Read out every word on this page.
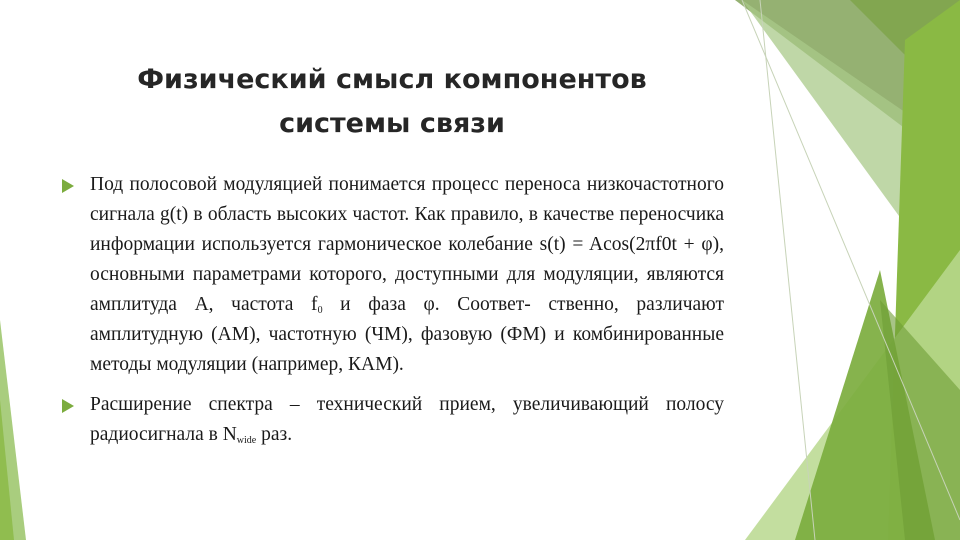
Физический смысл компонентов
системы связи
Под полосовой модуляцией понимается процесс переноса низкочастотного сигнала g(t) в область высоких частот. Как правило, в качестве переносчика информации используется гармоническое колебание s(t) = Acos(2πf0t + φ), основными параметрами которого, доступными для модуляции, являются амплитуда А, частота $f_0$ и фаза φ. Соответ- ственно, различают амплитудную (АМ), частотную (ЧМ), фазовую (ФМ) и комбинированные методы модуляции (например, КАМ).
Расширение спектра – технический прием, увеличивающий полосу радиосигнала в $N_{wide}$ раз.
